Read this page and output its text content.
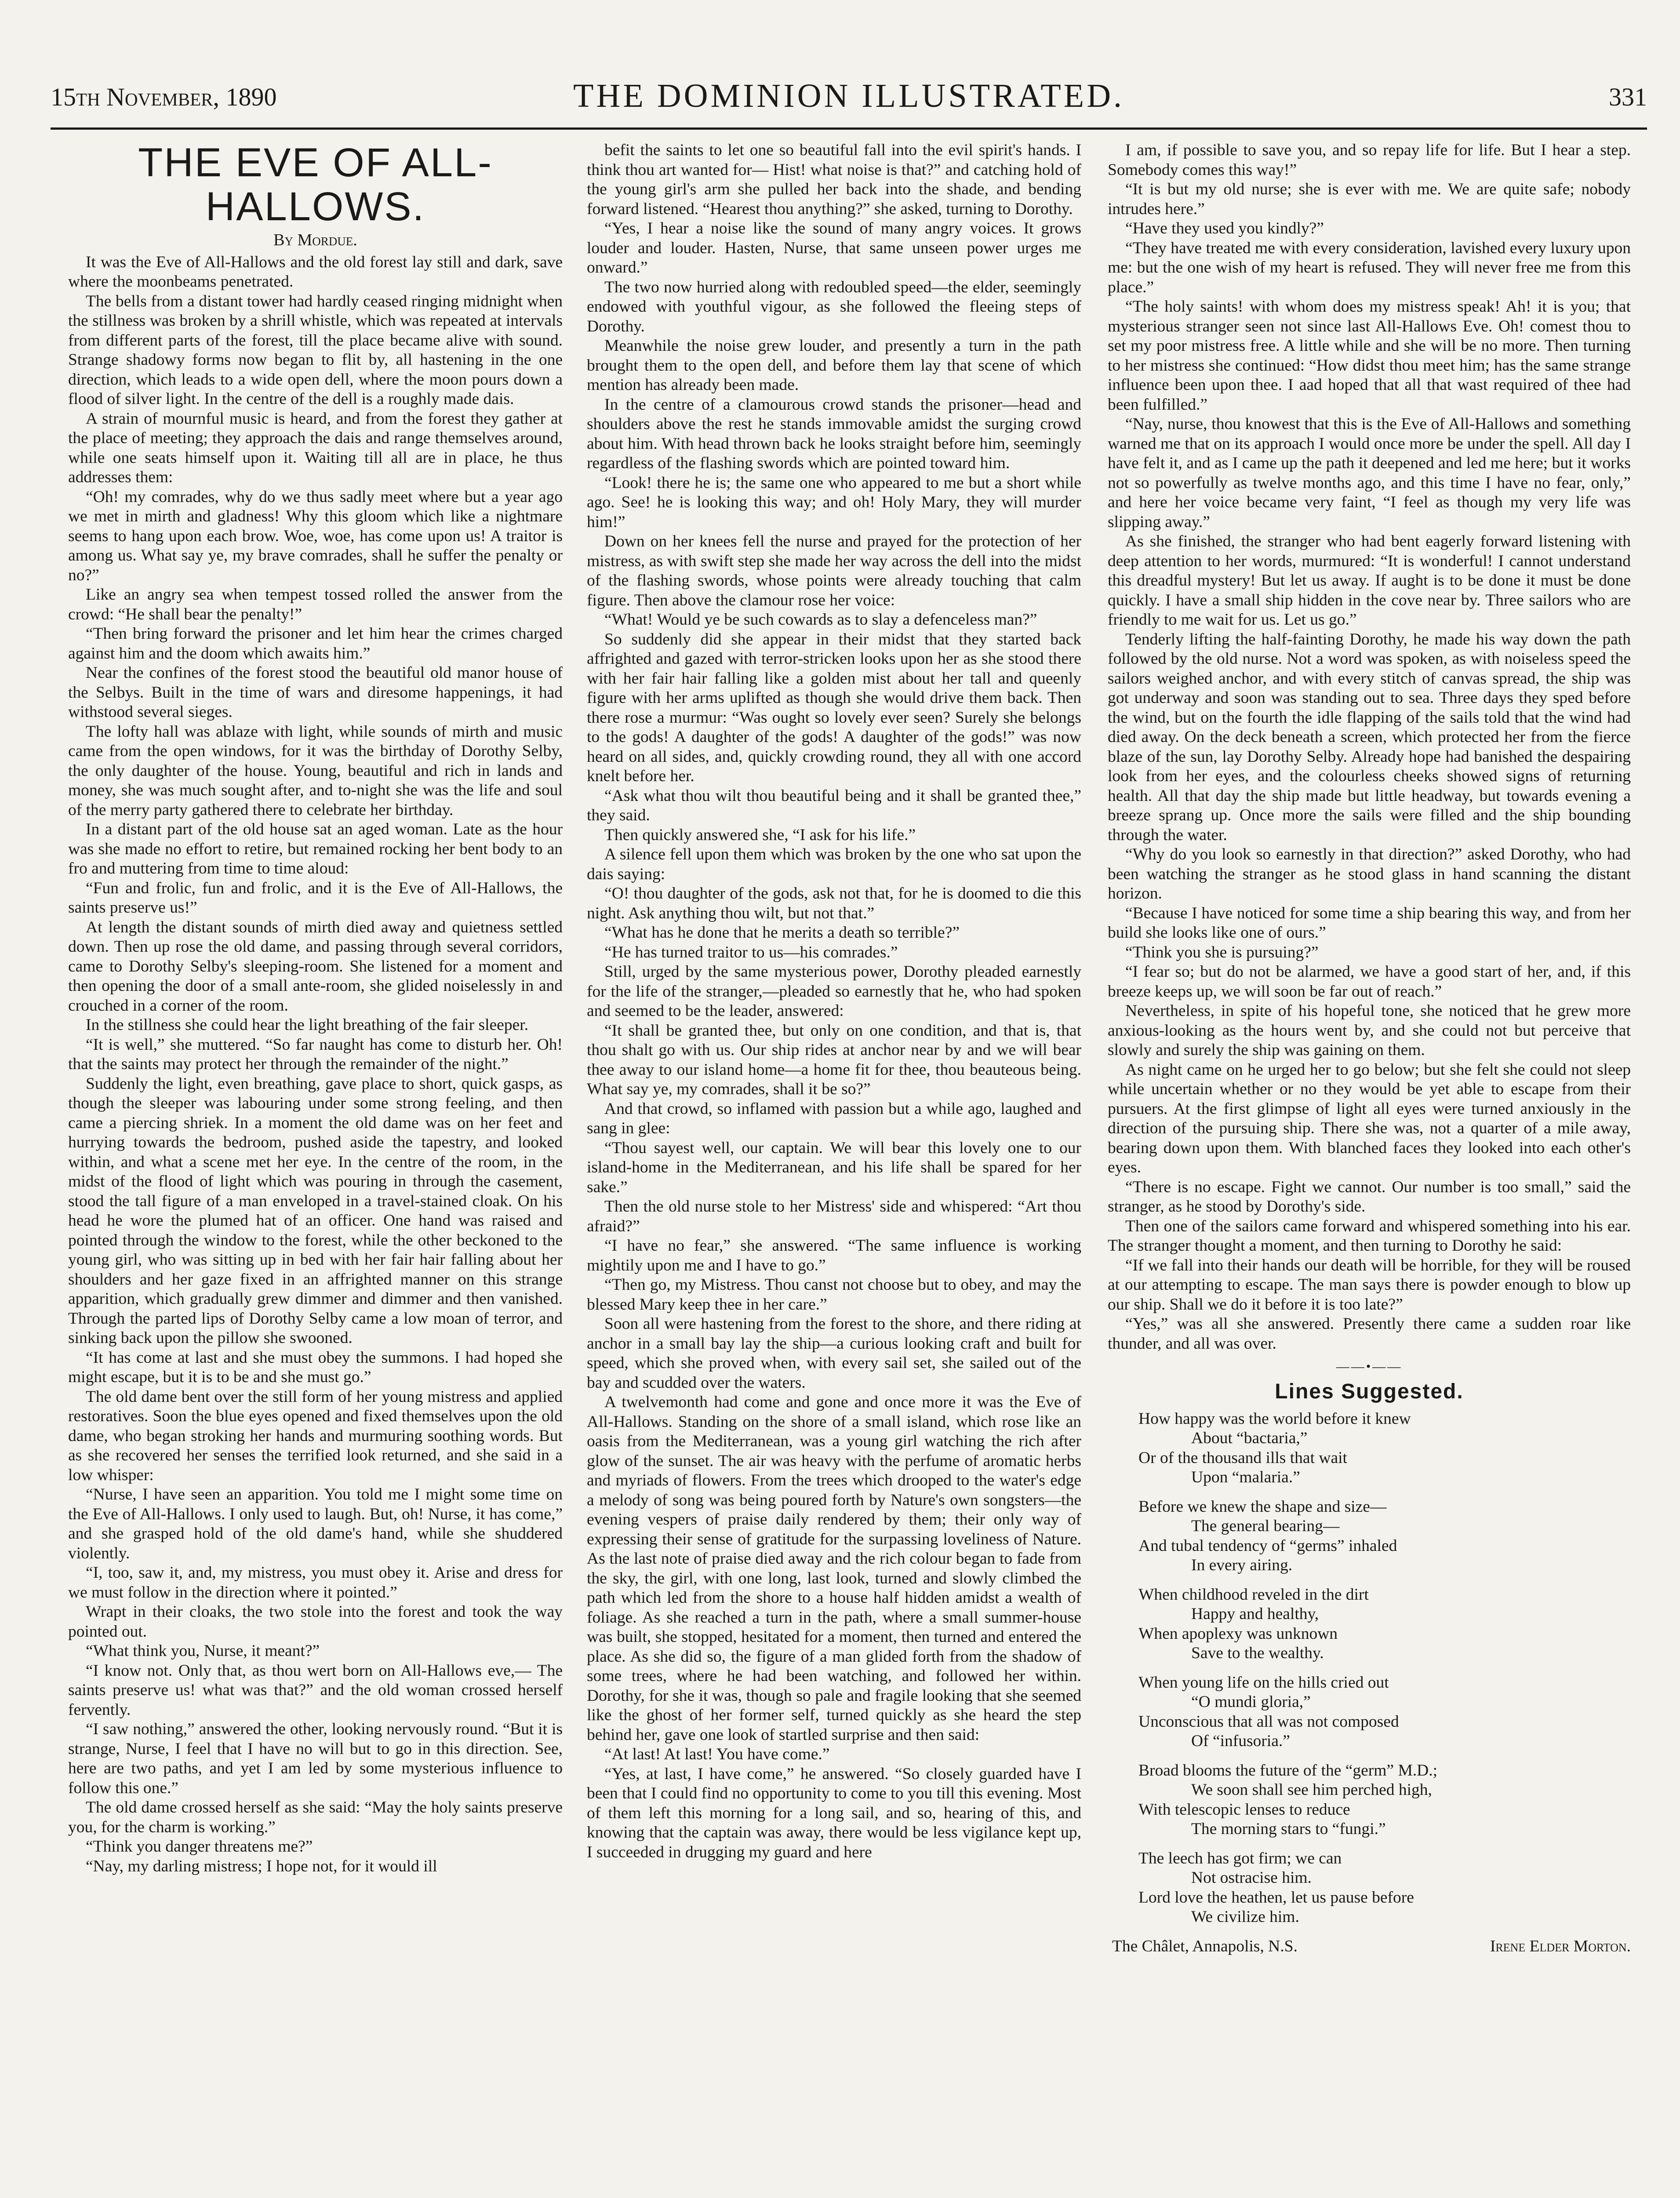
15th November, 1890	THE DOMINION ILLUSTRATED.	331
THE EVE OF ALL-HALLOWS.
By Mordue.

It was the Eve of All-Hallows and the old forest lay still and dark, save where the moonbeams penetrated.

The bells from a distant tower had hardly ceased ringing midnight when the stillness was broken by a shrill whistle, which was repeated at intervals from different parts of the forest, till the place became alive with sound. Strange shadowy forms now began to flit by, all hastening in the one direction, which leads to a wide open dell, where the moon pours down a flood of silver light. In the centre of the dell is a roughly made dais.

A strain of mournful music is heard, and from the forest they gather at the place of meeting; they approach the dais and range themselves around, while one seats himself upon it. Waiting till all are in place, he thus addresses them:

“Oh! my comrades, why do we thus sadly meet where but a year ago we met in mirth and gladness! Why this gloom which like a nightmare seems to hang upon each brow. Woe, woe, has come upon us! A traitor is among us. What say ye, my brave comrades, shall he suffer the penalty or no?”

Like an angry sea when tempest tossed rolled the answer from the crowd: “He shall bear the penalty!”

“Then bring forward the prisoner and let him hear the crimes charged against him and the doom which awaits him.”

Near the confines of the forest stood the beautiful old manor house of the Selbys. Built in the time of wars and diresome happenings, it had withstood several sieges.

The lofty hall was ablaze with light, while sounds of mirth and music came from the open windows, for it was the birthday of Dorothy Selby, the only daughter of the house. Young, beautiful and rich in lands and money, she was much sought after, and to-night she was the life and soul of the merry party gathered there to celebrate her birthday.

In a distant part of the old house sat an aged woman. Late as the hour was she made no effort to retire, but remained rocking her bent body to an fro and muttering from time to time aloud:

“Fun and frolic, fun and frolic, and it is the Eve of All-Hallows, the saints preserve us!”

At length the distant sounds of mirth died away and quietness settled down. Then up rose the old dame, and passing through several corridors, came to Dorothy Selby's sleeping-room. She listened for a moment and then opening the door of a small ante-room, she glided noiselessly in and crouched in a corner of the room.

In the stillness she could hear the light breathing of the fair sleeper.

“It is well,” she muttered. “So far naught has come to disturb her. Oh! that the saints may protect her through the remainder of the night.”

Suddenly the light, even breathing, gave place to short, quick gasps, as though the sleeper was labouring under some strong feeling, and then came a piercing shriek. In a moment the old dame was on her feet and hurrying towards the bedroom, pushed aside the tapestry, and looked within, and what a scene met her eye. In the centre of the room, in the midst of the flood of light which was pouring in through the casement, stood the tall figure of a man enveloped in a travel-stained cloak. On his head he wore the plumed hat of an officer. One hand was raised and pointed through the window to the forest, while the other beckoned to the young girl, who was sitting up in bed with her fair hair falling about her shoulders and her gaze fixed in an affrighted manner on this strange apparition, which gradually grew dimmer and dimmer and then vanished. Through the parted lips of Dorothy Selby came a low moan of terror, and sinking back upon the pillow she swooned.

“It has come at last and she must obey the summons. I had hoped she might escape, but it is to be and she must go.”

The old dame bent over the still form of her young mistress and applied restoratives. Soon the blue eyes opened and fixed themselves upon the old dame, who began stroking her hands and murmuring soothing words. But as she recovered her senses the terrified look returned, and she said in a low whisper:

“Nurse, I have seen an apparition. You told me I might some time on the Eve of All-Hallows. I only used to laugh. But, oh! Nurse, it has come,” and she grasped hold of the old dame's hand, while she shuddered violently.

“I, too, saw it, and, my mistress, you must obey it. Arise and dress for we must follow in the direction where it pointed.”

Wrapt in their cloaks, the two stole into the forest and took the way pointed out.

“What think you, Nurse, it meant?”

“I know not. Only that, as thou wert born on All-Hallows eve,— The saints preserve us! what was that?” and the old woman crossed herself fervently.

“I saw nothing,” answered the other, looking nervously round. “But it is strange, Nurse, I feel that I have no will but to go in this direction. See, here are two paths, and yet I am led by some mysterious influence to follow this one.”

The old dame crossed herself as she said: “May the holy saints preserve you, for the charm is working.”

“Think you danger threatens me?”

“Nay, my darling mistress; I hope not, for it would ill

befit the saints to let one so beautiful fall into the evil spirit's hands. I think thou art wanted for— Hist! what noise is that?” and catching hold of the young girl's arm she pulled her back into the shade, and bending forward listened. “Hearest thou anything?” she asked, turning to Dorothy.

“Yes, I hear a noise like the sound of many angry voices. It grows louder and louder. Hasten, Nurse, that same unseen power urges me onward.”

The two now hurried along with redoubled speed—the elder, seemingly endowed with youthful vigour, as she followed the fleeing steps of Dorothy.

Meanwhile the noise grew louder, and presently a turn in the path brought them to the open dell, and before them lay that scene of which mention has already been made.

In the centre of a clamourous crowd stands the prisoner—head and shoulders above the rest he stands immovable amidst the surging crowd about him. With head thrown back he looks straight before him, seemingly regardless of the flashing swords which are pointed toward him.

“Look! there he is; the same one who appeared to me but a short while ago. See! he is looking this way; and oh! Holy Mary, they will murder him!”

Down on her knees fell the nurse and prayed for the protection of her mistress, as with swift step she made her way across the dell into the midst of the flashing swords, whose points were already touching that calm figure. Then above the clamour rose her voice:

“What! Would ye be such cowards as to slay a defenceless man?”

So suddenly did she appear in their midst that they started back affrighted and gazed with terror-stricken looks upon her as she stood there with her fair hair falling like a golden mist about her tall and queenly figure with her arms uplifted as though she would drive them back. Then there rose a murmur: “Was ought so lovely ever seen? Surely she belongs to the gods! A daughter of the gods! A daughter of the gods!” was now heard on all sides, and, quickly crowding round, they all with one accord knelt before her.

“Ask what thou wilt thou beautiful being and it shall be granted thee,” they said.

Then quickly answered she, “I ask for his life.”

A silence fell upon them which was broken by the one who sat upon the dais saying:

“O! thou daughter of the gods, ask not that, for he is doomed to die this night. Ask anything thou wilt, but not that.”

“What has he done that he merits a death so terrible?”

“He has turned traitor to us—his comrades.”

Still, urged by the same mysterious power, Dorothy pleaded earnestly for the life of the stranger,—pleaded so earnestly that he, who had spoken and seemed to be the leader, answered:

“It shall be granted thee, but only on one condition, and that is, that thou shalt go with us. Our ship rides at anchor near by and we will bear thee away to our island home—a home fit for thee, thou beauteous being. What say ye, my comrades, shall it be so?”

And that crowd, so inflamed with passion but a while ago, laughed and sang in glee:

“Thou sayest well, our captain. We will bear this lovely one to our island-home in the Mediterranean, and his life shall be spared for her sake.”

Then the old nurse stole to her Mistress' side and whispered: “Art thou afraid?”

“I have no fear,” she answered. “The same influence is working mightily upon me and I have to go.”

“Then go, my Mistress. Thou canst not choose but to obey, and may the blessed Mary keep thee in her care.”

Soon all were hastening from the forest to the shore, and there riding at anchor in a small bay lay the ship—a curious looking craft and built for speed, which she proved when, with every sail set, she sailed out of the bay and scudded over the waters.

A twelvemonth had come and gone and once more it was the Eve of All-Hallows. Standing on the shore of a small island, which rose like an oasis from the Mediterranean, was a young girl watching the rich after glow of the sunset. The air was heavy with the perfume of aromatic herbs and myriads of flowers. From the trees which drooped to the water's edge a melody of song was being poured forth by Nature's own songsters—the evening vespers of praise daily rendered by them; their only way of expressing their sense of gratitude for the surpassing loveliness of Nature. As the last note of praise died away and the rich colour began to fade from the sky, the girl, with one long, last look, turned and slowly climbed the path which led from the shore to a house half hidden amidst a wealth of foliage. As she reached a turn in the path, where a small summer-house was built, she stopped, hesitated for a moment, then turned and entered the place. As she did so, the figure of a man glided forth from the shadow of some trees, where he had been watching, and followed her within. Dorothy, for she it was, though so pale and fragile looking that she seemed like the ghost of her former self, turned quickly as she heard the step behind her, gave one look of startled surprise and then said:

“At last! At last! You have come.”

“Yes, at last, I have come,” he answered. “So closely guarded have I been that I could find no opportunity to come to you till this evening. Most of them left this morning for a long sail, and so, hearing of this, and knowing that the captain was away, there would be less vigilance kept up, I succeeded in drugging my guard and here

I am, if possible to save you, and so repay life for life. But I hear a step. Somebody comes this way!”

“It is but my old nurse; she is ever with me. We are quite safe; nobody intrudes here.”

“Have they used you kindly?”

“They have treated me with every consideration, lavished every luxury upon me: but the one wish of my heart is refused. They will never free me from this place.”

“The holy saints! with whom does my mistress speak! Ah! it is you; that mysterious stranger seen not since last All-Hallows Eve. Oh! comest thou to set my poor mistress free. A little while and she will be no more. Then turning to her mistress she continued: “How didst thou meet him; has the same strange influence been upon thee. I aad hoped that all that wast required of thee had been fulfilled.”

“Nay, nurse, thou knowest that this is the Eve of All-Hallows and something warned me that on its approach I would once more be under the spell. All day I have felt it, and as I came up the path it deepened and led me here; but it works not so powerfully as twelve months ago, and this time I have no fear, only,” and here her voice became very faint, “I feel as though my very life was slipping away.”

As she finished, the stranger who had bent eagerly forward listening with deep attention to her words, murmured: “It is wonderful! I cannot understand this dreadful mystery! But let us away. If aught is to be done it must be done quickly. I have a small ship hidden in the cove near by. Three sailors who are friendly to me wait for us. Let us go.”

Tenderly lifting the half-fainting Dorothy, he made his way down the path followed by the old nurse. Not a word was spoken, as with noiseless speed the sailors weighed anchor, and with every stitch of canvas spread, the ship was got underway and soon was standing out to sea. Three days they sped before the wind, but on the fourth the idle flapping of the sails told that the wind had died away. On the deck beneath a screen, which protected her from the fierce blaze of the sun, lay Dorothy Selby. Already hope had banished the despairing look from her eyes, and the colourless cheeks showed signs of returning health. All that day the ship made but little headway, but towards evening a breeze sprang up. Once more the sails were filled and the ship bounding through the water.

“Why do you look so earnestly in that direction?” asked Dorothy, who had been watching the stranger as he stood glass in hand scanning the distant horizon.

“Because I have noticed for some time a ship bearing this way, and from her build she looks like one of ours.”

“Think you she is pursuing?”

“I fear so; but do not be alarmed, we have a good start of her, and, if this breeze keeps up, we will soon be far out of reach.”

Nevertheless, in spite of his hopeful tone, she noticed that he grew more anxious-looking as the hours went by, and she could not but perceive that slowly and surely the ship was gaining on them.

As night came on he urged her to go below; but she felt she could not sleep while uncertain whether or no they would be yet able to escape from their pursuers. At the first glimpse of light all eyes were turned anxiously in the direction of the pursuing ship. There she was, not a quarter of a mile away, bearing down upon them. With blanched faces they looked into each other's eyes.

“There is no escape. Fight we cannot. Our number is too small,” said the stranger, as he stood by Dorothy's side.

Then one of the sailors came forward and whispered something into his ear. The stranger thought a moment, and then turning to Dorothy he said:

“If we fall into their hands our death will be horrible, for they will be roused at our attempting to escape. The man says there is powder enough to blow up our ship. Shall we do it before it is too late?”

“Yes,” was all she answered. Presently there came a sudden roar like thunder, and all was over.

——•——
Lines Suggested.
How happy was the world before it knew
About “bactaria,”
Or of the thousand ills that wait
Upon “malaria.”
Before we knew the shape and size—
The general bearing—
And tubal tendency of “germs” inhaled
In every airing.
When childhood reveled in the dirt
Happy and healthy,
When apoplexy was unknown
Save to the wealthy.
When young life on the hills cried out
“O mundi gloria,”
Unconscious that all was not composed
Of “infusoria.”
Broad blooms the future of the “germ” M.D.;
We soon shall see him perched high,
With telescopic lenses to reduce
The morning stars to “fungi.”
The leech has got firm; we can
Not ostracise him.
Lord love the heathen, let us pause before
We civilize him.
The Châlet, Annapolis, N.S.	Irene Elder Morton.
